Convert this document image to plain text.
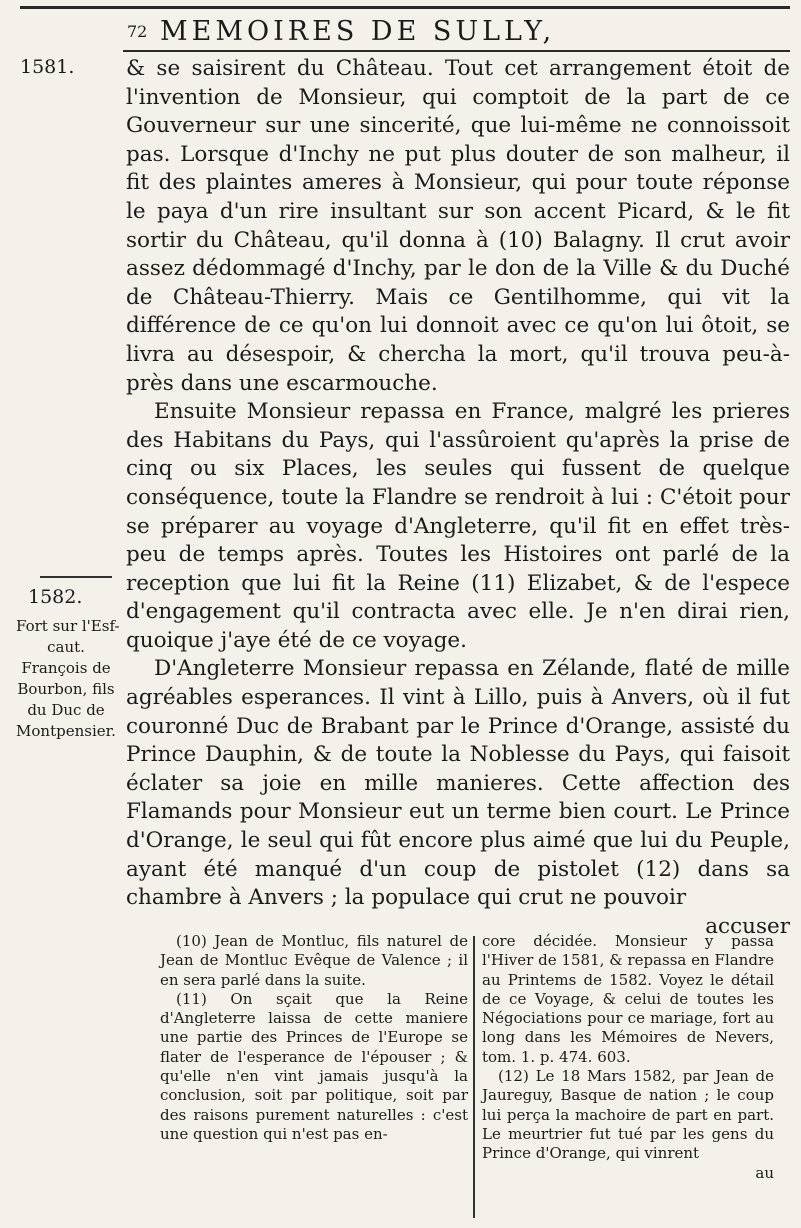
72 MEMOIRES DE SULLY,
1581.
1582.
Fort sur l'Esf-
caut.
François de
Bourbon, fils
du Duc de
Montpensier.

& se saisirent du Château. Tout cet arrangement étoit de l'invention de Monsieur, qui comptoit de la part de ce Gouverneur sur une sincerité, que lui-même ne connoissoit pas. Lorsque d'Inchy ne put plus douter de son malheur, il fit des plaintes ameres à Monsieur, qui pour toute réponse le paya d'un rire insultant sur son accent Picard, & le fit sortir du Château, qu'il donna à (10) Balagny. Il crut avoir assez dédommagé d'Inchy, par le don de la Ville & du Duché de Château-Thierry. Mais ce Gentilhomme, qui vit la différence de ce qu'on lui donnoit avec ce qu'on lui ôtoit, se livra au désespoir, & chercha la mort, qu'il trouva peu-à-près dans une escarmouche.

Ensuite Monsieur repassa en France, malgré les prieres des Habitans du Pays, qui l'assûroient qu'après la prise de cinq ou six Places, les seules qui fussent de quelque conséquence, toute la Flandre se rendroit à lui : C'étoit pour se préparer au voyage d'Angleterre, qu'il fit en effet très-peu de temps après. Toutes les Histoires ont parlé de la reception que lui fit la Reine (11) Elizabet, & de l'espece d'engagement qu'il contracta avec elle. Je n'en dirai rien, quoique j'aye été de ce voyage.

D'Angleterre Monsieur repassa en Zélande, flaté de mille agréables esperances. Il vint à Lillo, puis à Anvers, où il fut couronné Duc de Brabant par le Prince d'Orange, assisté du Prince Dauphin, & de toute la Noblesse du Pays, qui faisoit éclater sa joie en mille manieres. Cette affection des Flamands pour Monsieur eut un terme bien court. Le Prince d'Orange, le seul qui fût encore plus aimé que lui du Peuple, ayant été manqué d'un coup de pistolet (12) dans sa chambre à Anvers ; la populace qui crut ne pouvoir

accuser

(10) Jean de Montluc, fils naturel de Jean de Montluc Evêque de Valence ; il en sera parlé dans la suite.

(11) On sçait que la Reine d'Angleterre laissa de cette maniere une partie des Princes de l'Europe se flater de l'esperance de l'épouser ; & qu'elle n'en vint jamais jusqu'à la conclusion, soit par politique, soit par des raisons purement naturelles : c'est une question qui n'est pas en-

core décidée. Monsieur y passa l'Hiver de 1581, & repassa en Flandre au Printems de 1582. Voyez le détail de ce Voyage, & celui de toutes les Négociations pour ce mariage, fort au long dans les Mémoires de Nevers, tom. 1. p. 474. 603.

(12) Le 18 Mars 1582, par Jean de Jaureguy, Basque de nation ; le coup lui perça la machoire de part en part. Le meurtrier fut tué par les gens du Prince d'Orange, qui vinrent

au
